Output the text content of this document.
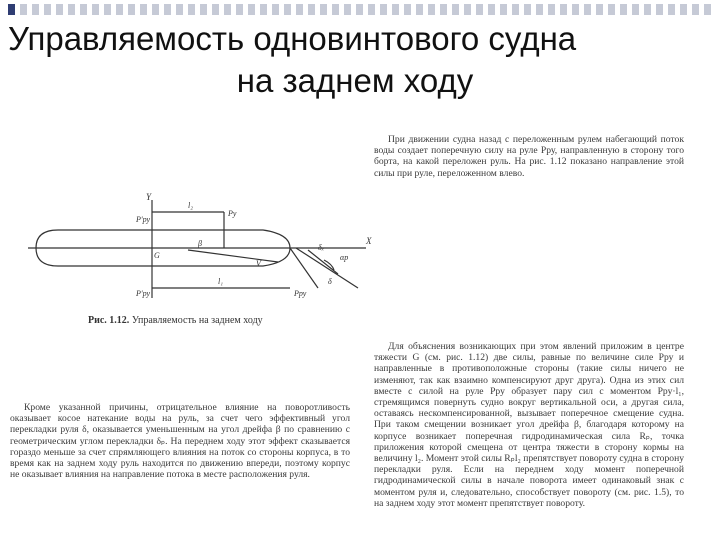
Управляемость одновинтового судна
на заднем ходу
При движении судна назад с переложенным рулем набегающий поток воды создает поперечную силу на руле Pру, направленную в сторону того борта, на какой переложен руль. На рис. 1.12 показано направление этой силы при руле, переложенном влево.
Y
X
P'ру
l₂
Pу
P'ру
l₁
Pру
G
β
V
δₓ
αр
δ
Рис. 1.12. Управляемость на заднем ходу
Для объяснения возникающих при этом явлений приложим в центре тяжести G (см. рис. 1.12) две силы, равные по величине силе Pру и направленные в противоположные стороны (такие силы ничего не изменяют, так как взаимно компенсируют друг друга). Одна из этих сил вместе с силой на руле Pру образует пару сил с моментом Pру·l₁, стремящимся повернуть судно вокруг вертикальной оси, а другая сила, оставаясь нескомпенсированной, вызывает поперечное смещение судна. При таком смещении возникает угол дрейфа β, благодаря которому на корпусе возникает поперечная гидродинамическая сила Rₚ, точка приложения которой смещена от центра тяжести в сторону кормы на величину l₂. Момент этой силы Rₚl₂ препятствует повороту судна в сторону перекладки руля. Если на переднем ходу момент поперечной гидродинамической силы в начале поворота имеет одинаковый знак с моментом руля и, следовательно, способствует повороту (см. рис. 1.5), то на заднем ходу этот момент препятствует повороту.
Кроме указанной причины, отрицательное влияние на поворотливость оказывает косое натекание воды на руль, за счет чего эффективный угол перекладки руля δ, оказывается уменьшенным на угол дрейфа β по сравнению с геометрическим углом перекладки δₚ. На переднем ходу этот эффект сказывается гораздо меньше за счет спрямляющего влияния на поток со стороны корпуса, в то время как на заднем ходу руль находится по движению впереди, поэтому корпус не оказывает влияния на направление потока в месте расположения руля.
